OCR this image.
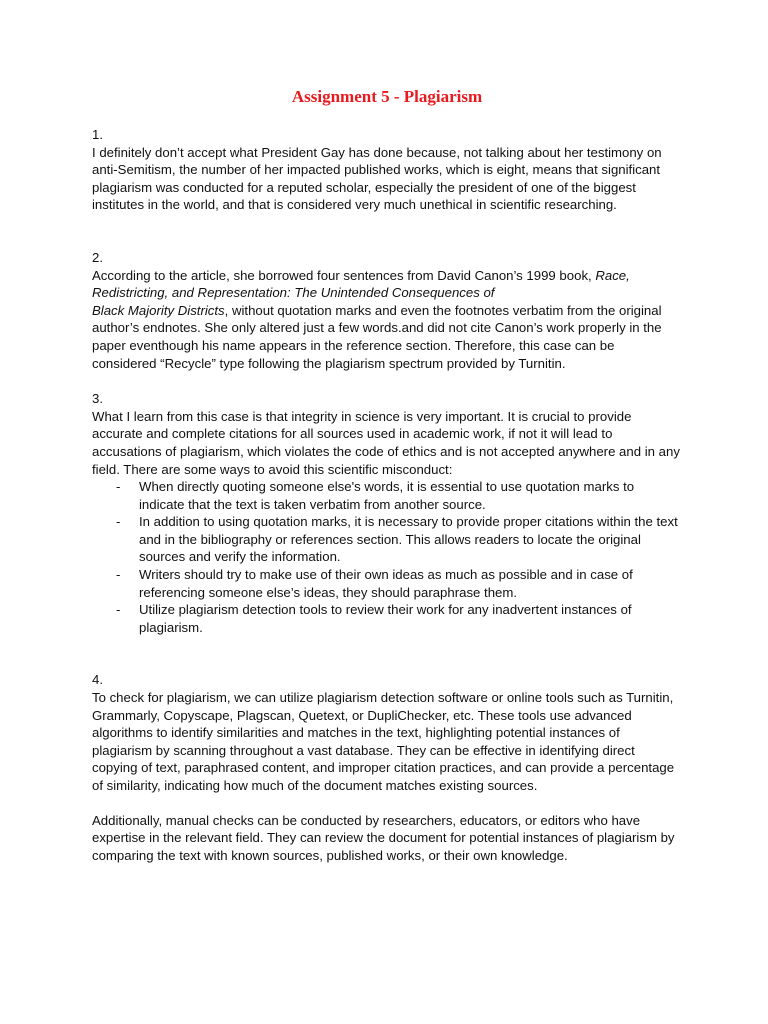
Assignment 5 - Plagiarism

1.

I definitely don’t accept what President Gay has done because, not talking about her testimony on anti-Semitism, the number of her impacted published works, which is eight, means that significant plagiarism was conducted for a reputed scholar, especially the president of one of the biggest institutes in the world, and that is considered very much unethical in scientific researching.

2.

According to the article, she borrowed four sentences from David Canon’s 1999 book, Race, Redistricting, and Representation: The Unintended Consequences of
Black Majority Districts, without quotation marks and even the footnotes verbatim from the original author’s endnotes. She only altered just a few words.and did not cite Canon’s work properly in the paper eventhough his name appears in the reference section. Therefore, this case can be considered “Recycle” type following the plagiarism spectrum provided by Turnitin.

3.

What I learn from this case is that integrity in science is very important. It is crucial to provide accurate and complete citations for all sources used in academic work, if not it will lead to accusations of plagiarism, which violates the code of ethics and is not accepted anywhere and in any field. There are some ways to avoid this scientific misconduct:

- When directly quoting someone else's words, it is essential to use quotation marks to indicate that the text is taken verbatim from another source.
- In addition to using quotation marks, it is necessary to provide proper citations within the text and in the bibliography or references section. This allows readers to locate the original sources and verify the information.
- Writers should try to make use of their own ideas as much as possible and in case of referencing someone else’s ideas, they should paraphrase them.
- Utilize plagiarism detection tools to review their work for any inadvertent instances of plagiarism.

4.

To check for plagiarism, we can utilize plagiarism detection software or online tools such as Turnitin, Grammarly, Copyscape, Plagscan, Quetext, or DupliChecker, etc. These tools use advanced algorithms to identify similarities and matches in the text, highlighting potential instances of plagiarism by scanning throughout a vast database. They can be effective in identifying direct copying of text, paraphrased content, and improper citation practices, and can provide a percentage of similarity, indicating how much of the document matches existing sources.

Additionally, manual checks can be conducted by researchers, educators, or editors who have expertise in the relevant field. They can review the document for potential instances of plagiarism by comparing the text with known sources, published works, or their own knowledge.
